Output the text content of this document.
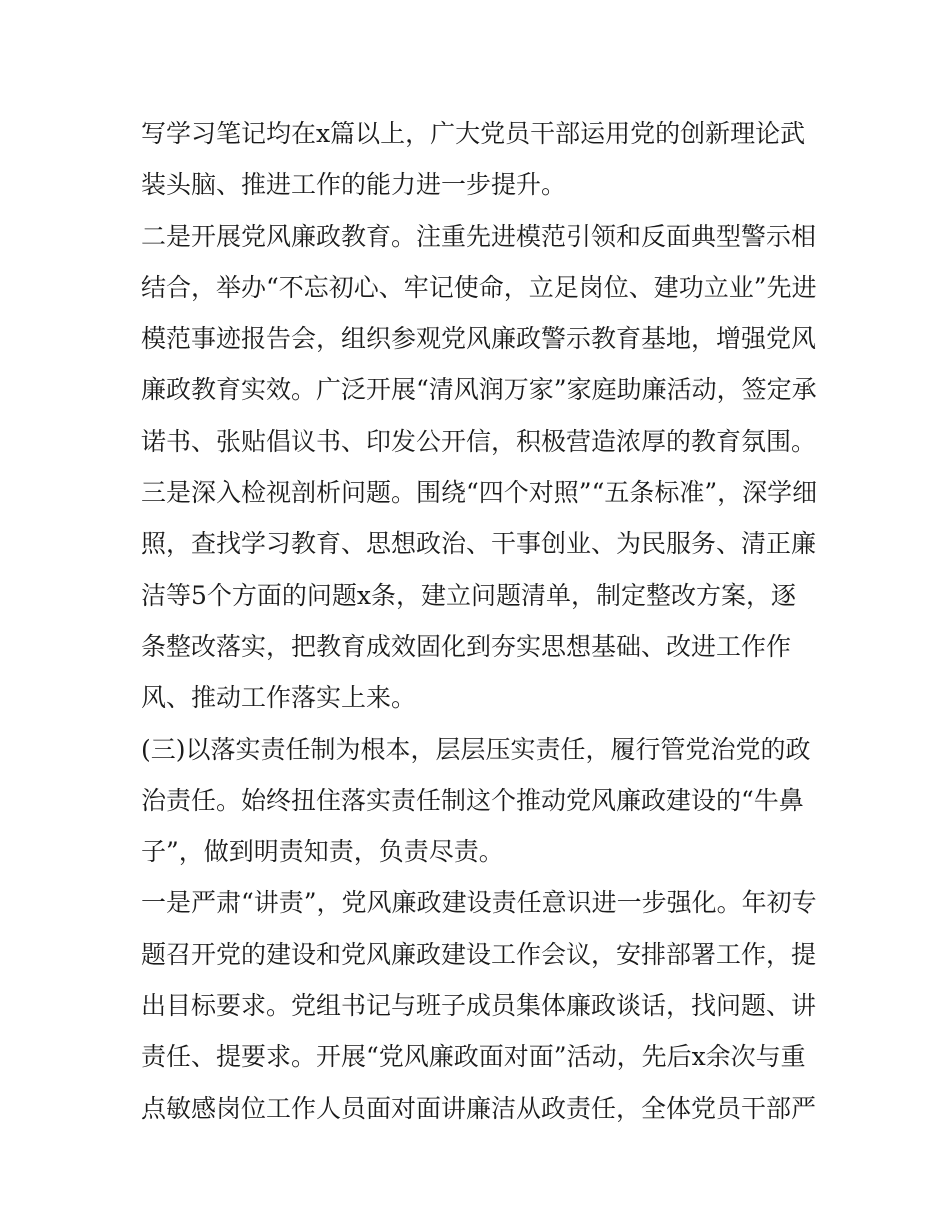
写学习笔记均在x篇以上，广大党员干部运用党的创新理论武
装头脑、推进工作的能力进一步提升。
二是开展党风廉政教育。注重先进模范引领和反面典型警示相
结合，举办“不忘初心、牢记使命，立足岗位、建功立业”先进
模范事迹报告会，组织参观党风廉政警示教育基地，增强党风
廉政教育实效。广泛开展“清风润万家”家庭助廉活动，签定承
诺书、张贴倡议书、印发公开信，积极营造浓厚的教育氛围。
三是深入检视剖析问题。围绕“四个对照”“五条标准”，深学细
照，查找学习教育、思想政治、干事创业、为民服务、清正廉
洁等5个方面的问题x条，建立问题清单，制定整改方案，逐
条整改落实，把教育成效固化到夯实思想基础、改进工作作
风、推动工作落实上来。
(三)以落实责任制为根本，层层压实责任，履行管党治党的政
治责任。始终扭住落实责任制这个推动党风廉政建设的“牛鼻
子”，做到明责知责，负责尽责。
一是严肃“讲责”，党风廉政建设责任意识进一步强化。年初专
题召开党的建设和党风廉政建设工作会议，安排部署工作，提
出目标要求。党组书记与班子成员集体廉政谈话，找问题、讲
责任、提要求。开展“党风廉政面对面”活动，先后x余次与重
点敏感岗位工作人员面对面讲廉洁从政责任，全体党员干部严
